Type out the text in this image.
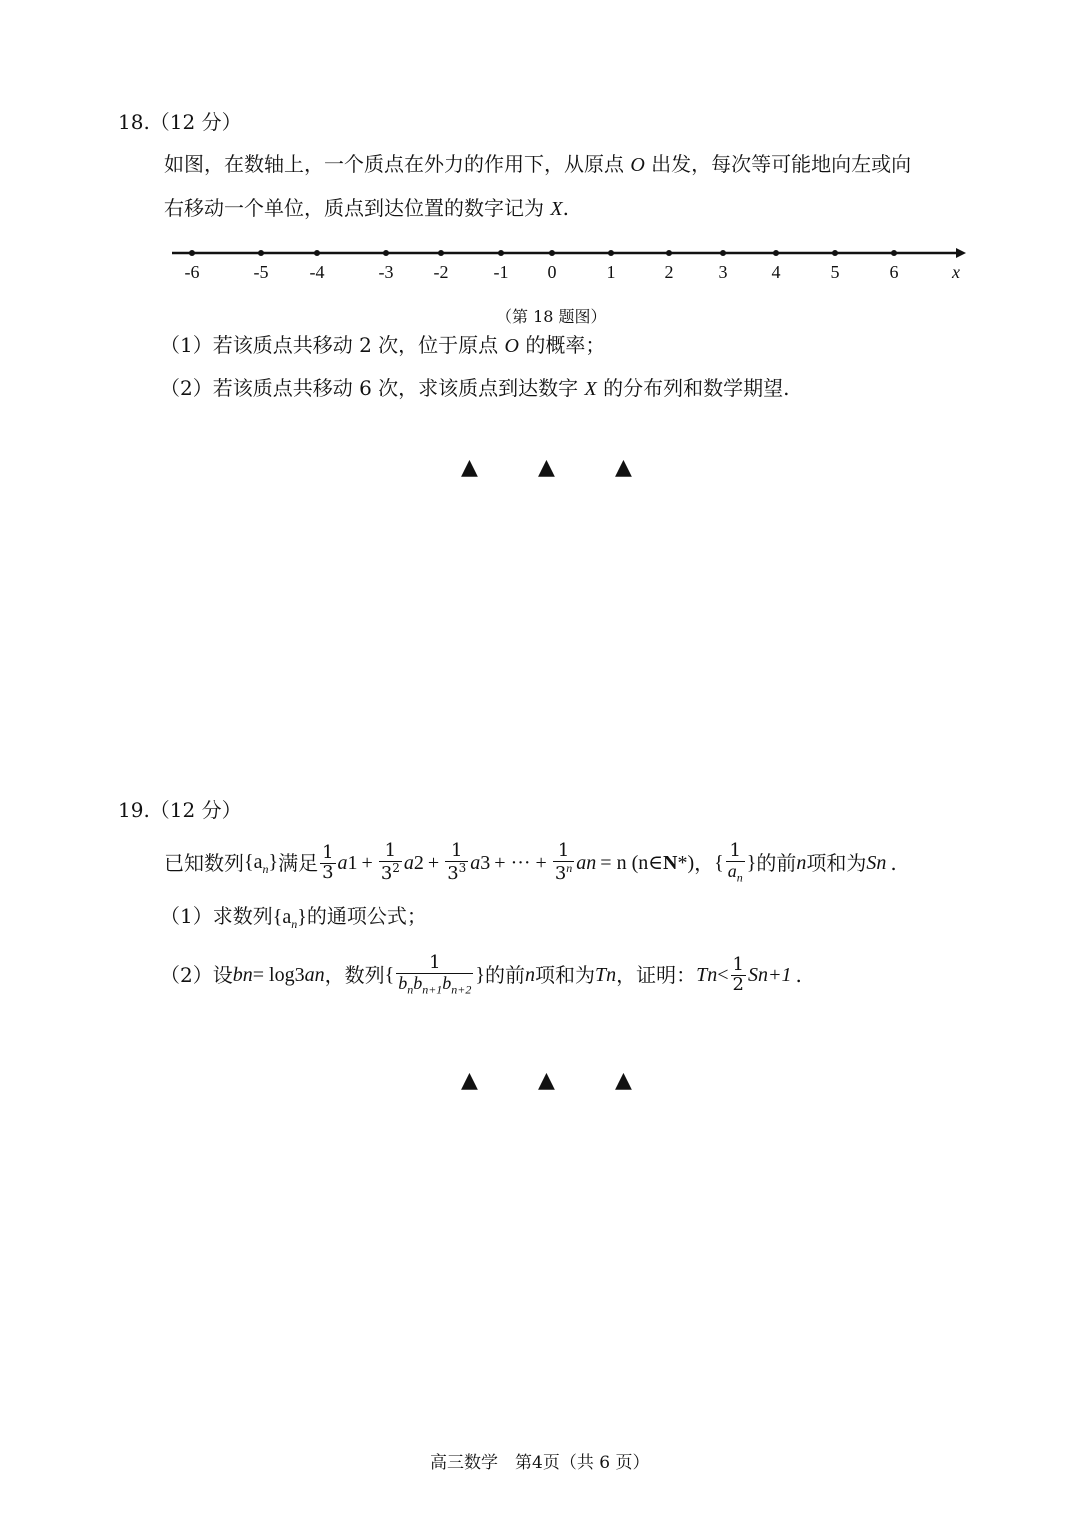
18.（12 分）
如图，在数轴上，一个质点在外力的作用下，从原点 O 出发，每次等可能地向左或向
右移动一个单位，质点到达位置的数字记为 X.
-6	-5 -4	-3 -2	-1 0	1	2	3 4	5	6	x
（第 18 题图）
（1）若该质点共移动 2 次，位于原点 O 的概率；
（2）若该质点共移动 6 次，求该质点到达数字 X 的分布列和数学期望.
▲	▲	▲
19.（12 分）
已知数列 $\{a_n\}$ 满足 $\frac{1}{3}$ a $1 + \frac{1}{3^2}$ a $2 + \frac{1}{3^3}$ a 3 + ··· + $\frac{1}{3^n}$ a n = n (n∈ N * ) ， { $\frac{1}{a_n}$ } 的前 n 项和为 S n .
（1）求数列$\{a_n\}$的通项公式；
（2）设 b n = log 3 a n ，数列 { $\frac{1}{b_nb_{n+1}b_{n+2}}$ } 的前 n 项和为 T n ，证明： T $n < \frac{1}{2}$ S n+1 .
▲	▲	▲
高三数学　第4页（共 6 页）
